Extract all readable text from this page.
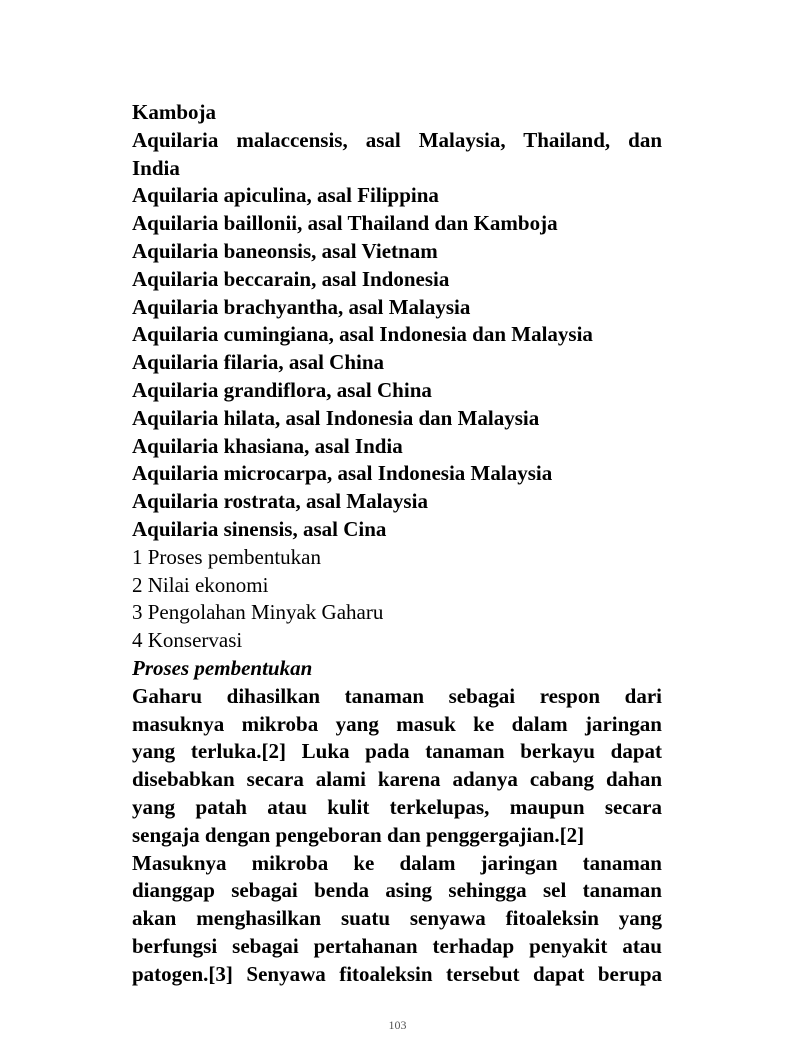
Kamboja
Aquilaria malaccensis, asal Malaysia, Thailand, dan
India
Aquilaria apiculina, asal Filippina
Aquilaria baillonii, asal Thailand dan Kamboja
Aquilaria baneonsis, asal Vietnam
Aquilaria beccarain, asal Indonesia
Aquilaria brachyantha, asal Malaysia
Aquilaria cumingiana, asal Indonesia dan Malaysia
Aquilaria filaria, asal China
Aquilaria grandiflora, asal China
Aquilaria hilata, asal Indonesia dan Malaysia
Aquilaria khasiana, asal India
Aquilaria microcarpa, asal Indonesia Malaysia
Aquilaria rostrata, asal Malaysia
Aquilaria sinensis, asal Cina
1 Proses pembentukan
2 Nilai ekonomi
3 Pengolahan Minyak Gaharu
4 Konservasi
Proses pembentukan
Gaharu dihasilkan tanaman sebagai respon dari
masuknya mikroba yang masuk ke dalam jaringan
yang terluka.[2] Luka pada tanaman berkayu dapat
disebabkan secara alami karena adanya cabang dahan
yang patah atau kulit terkelupas, maupun secara
sengaja dengan pengeboran dan penggergajian.[2]
Masuknya mikroba ke dalam jaringan tanaman
dianggap sebagai benda asing sehingga sel tanaman
akan menghasilkan suatu senyawa fitoaleksin yang
berfungsi sebagai pertahanan terhadap penyakit atau
patogen.[3] Senyawa fitoaleksin tersebut dapat berupa
103
